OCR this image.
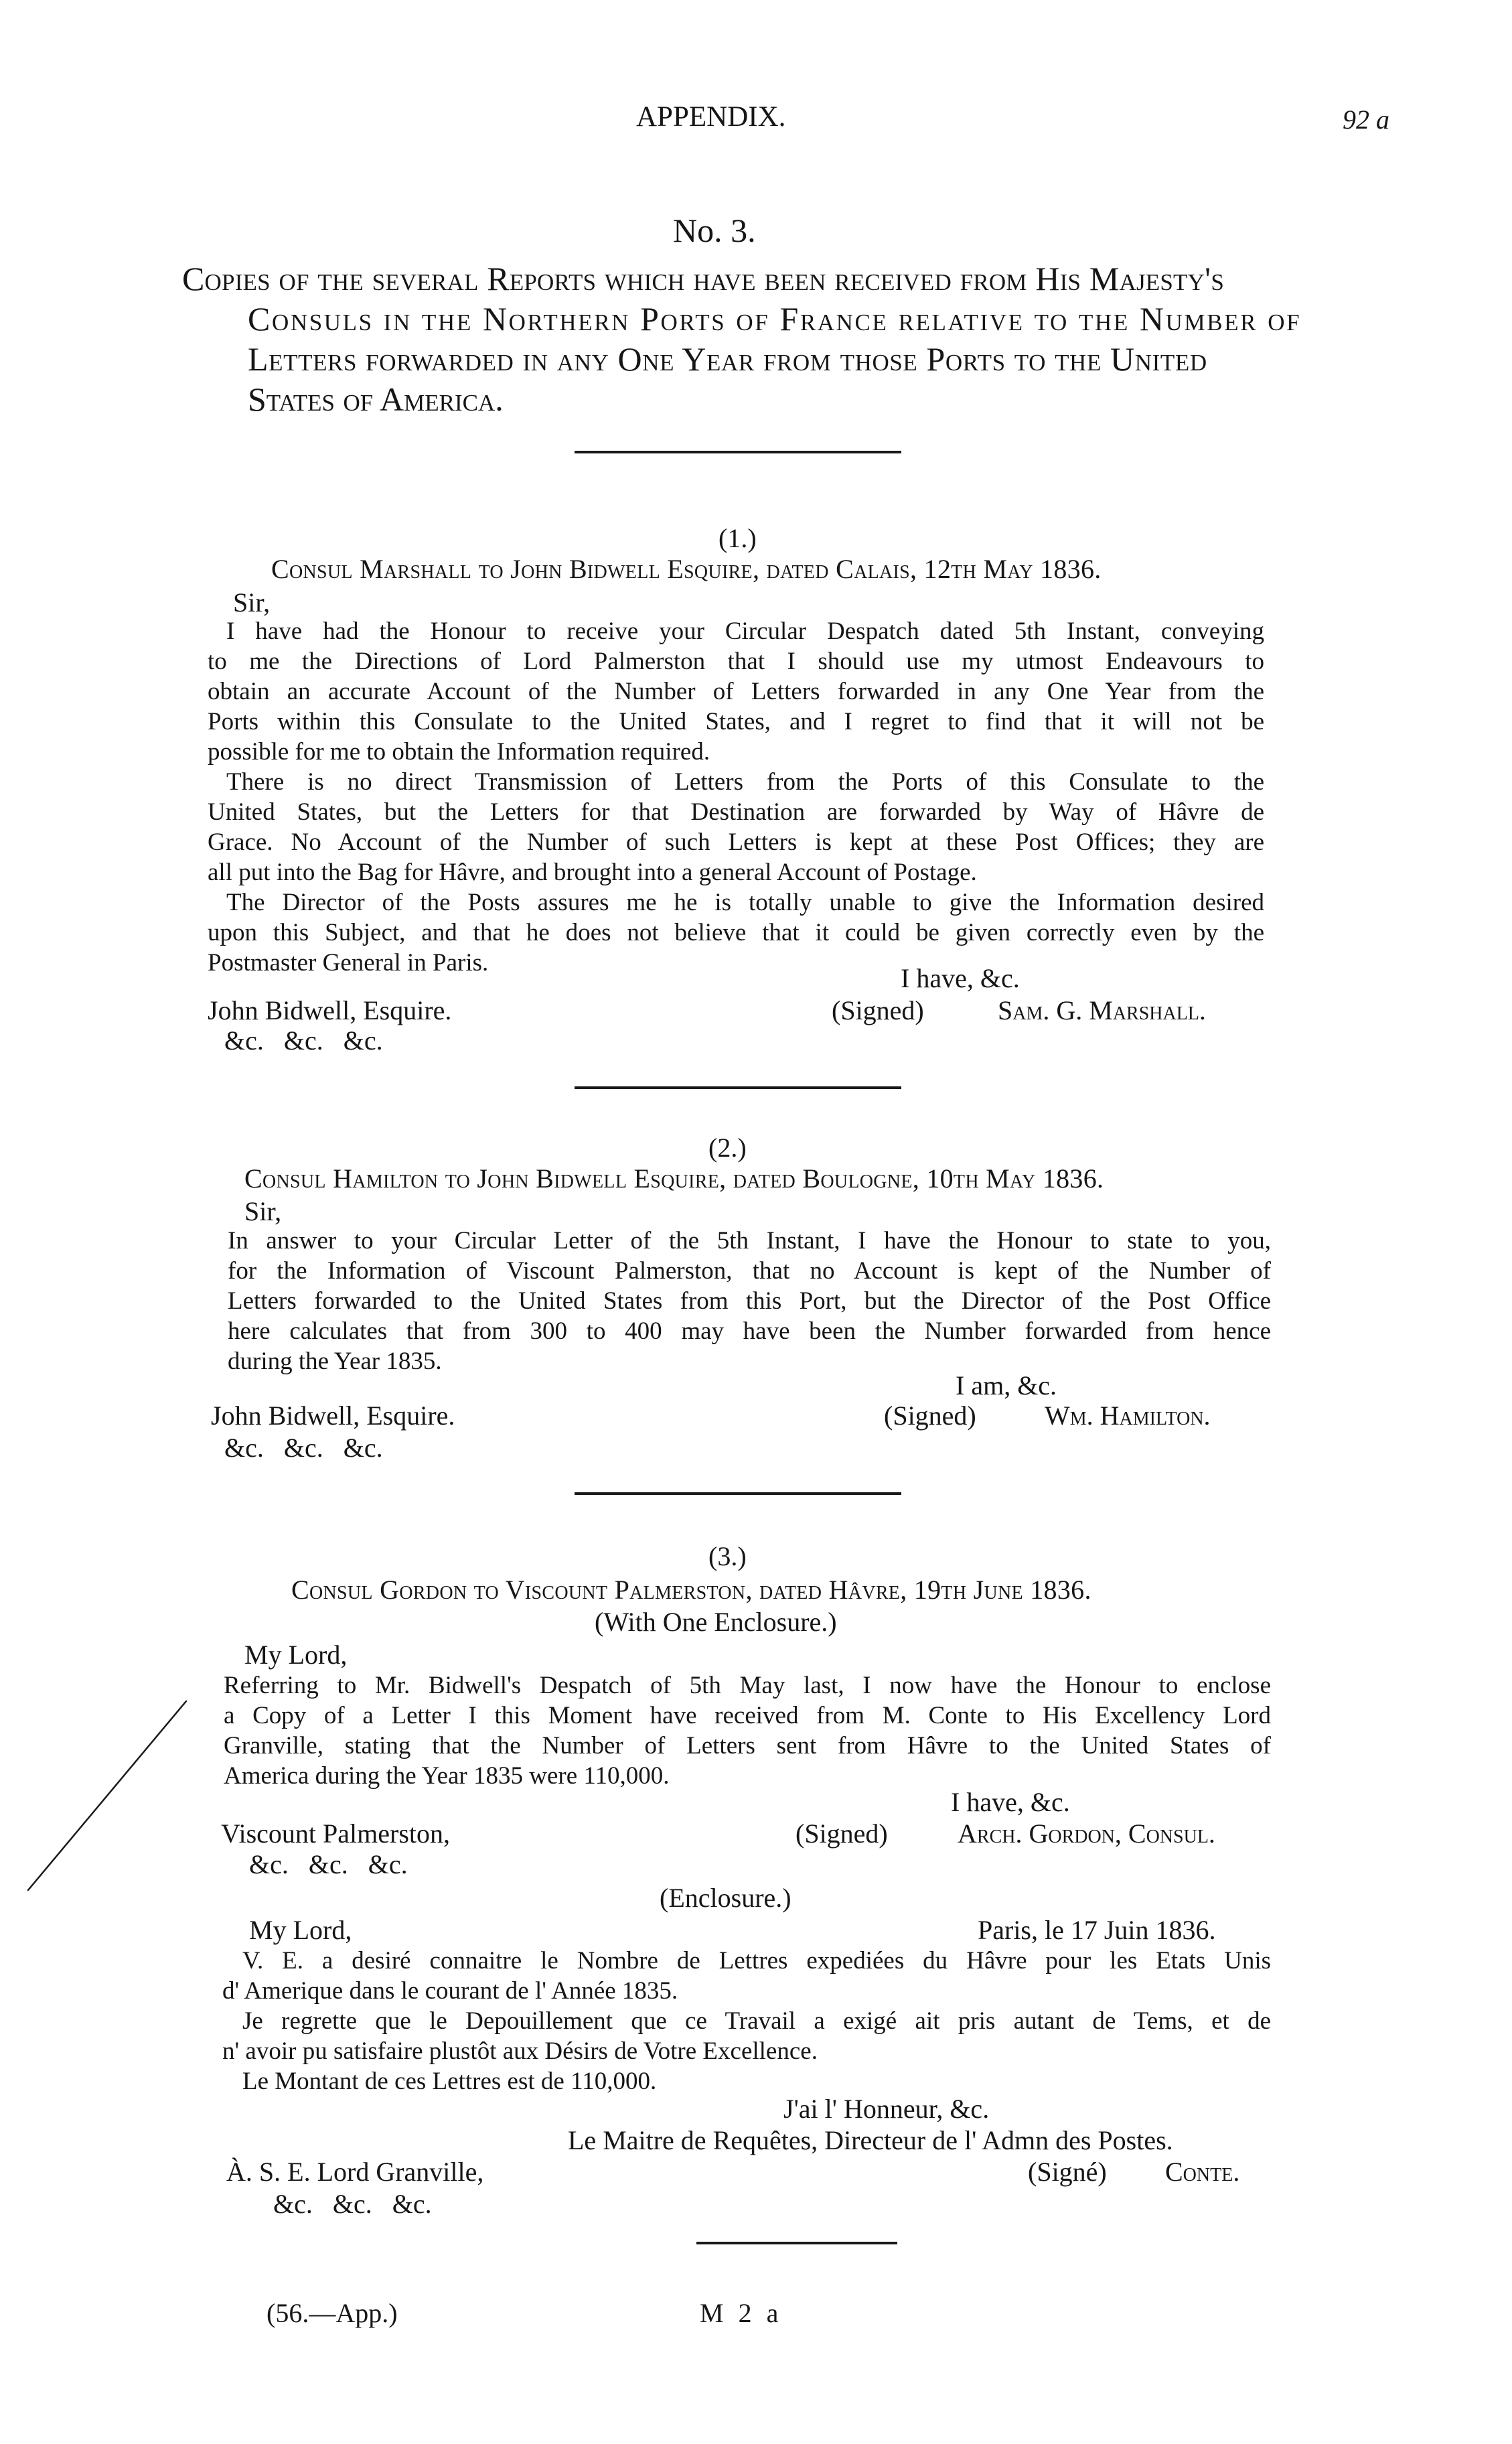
APPENDIX.	92 a
No. 3.
Copies of the several Reports which have been received from His Majesty's
Consuls in the Northern Ports of France relative to the Number of
Letters forwarded in any One Year from those Ports to the United
States of America.
(1.)
Consul Marshall to John Bidwell Esquire, dated Calais, 12th May 1836.
Sir,
I have had the Honour to receive your Circular Despatch dated 5th Instant, conveying
to me the Directions of Lord Palmerston that I should use my utmost Endeavours to
obtain an accurate Account of the Number of Letters forwarded in any One Year from the
Ports within this Consulate to the United States, and I regret to find that it will not be
possible for me to obtain the Information required.
There is no direct Transmission of Letters from the Ports of this Consulate to the
United States, but the Letters for that Destination are forwarded by Way of Hâvre de
Grace. No Account of the Number of such Letters is kept at these Post Offices; they are
all put into the Bag for Hâvre, and brought into a general Account of Postage.
The Director of the Posts assures me he is totally unable to give the Information desired
upon this Subject, and that he does not believe that it could be given correctly even by the
Postmaster General in Paris.
I have, &c.
John Bidwell, Esquire.	(Signed)	Sam. G. Marshall.
&c.   &c.   &c.
(2.)
Consul Hamilton to John Bidwell Esquire, dated Boulogne, 10th May 1836.
Sir,
In answer to your Circular Letter of the 5th Instant, I have the Honour to state to you,
for the Information of Viscount Palmerston, that no Account is kept of the Number of
Letters forwarded to the United States from this Port, but the Director of the Post Office
here calculates that from 300 to 400 may have been the Number forwarded from hence
during the Year 1835.
I am, &c.
John Bidwell, Esquire.	(Signed)	Wm. Hamilton.
&c.   &c.   &c.
(3.)
Consul Gordon to Viscount Palmerston, dated Hâvre, 19th June 1836.
(With One Enclosure.)
My Lord,
Referring to Mr. Bidwell's Despatch of 5th May last, I now have the Honour to enclose
a Copy of a Letter I this Moment have received from M. Conte to His Excellency Lord
Granville, stating that the Number of Letters sent from Hâvre to the United States of
America during the Year 1835 were 110,000.
I have, &c.
Viscount Palmerston,	(Signed)	Arch. Gordon, Consul.
&c.   &c.   &c.
(Enclosure.)
My Lord,	Paris, le 17 Juin 1836.
V. E. a desiré connaitre le Nombre de Lettres expediées du Hâvre pour les Etats Unis
d' Amerique dans le courant de l' Année 1835.
Je regrette que le Depouillement que ce Travail a exigé ait pris autant de Tems, et de
n' avoir pu satisfaire plustôt aux Désirs de Votre Excellence.
Le Montant de ces Lettres est de 110,000.
J'ai l' Honneur, &c.
Le Maitre de Requêtes, Directeur de l' Admn des Postes.
À. S. E. Lord Granville,	(Signé) Conte.
&c.   &c.   &c.
(56.—App.)	M 2 a
